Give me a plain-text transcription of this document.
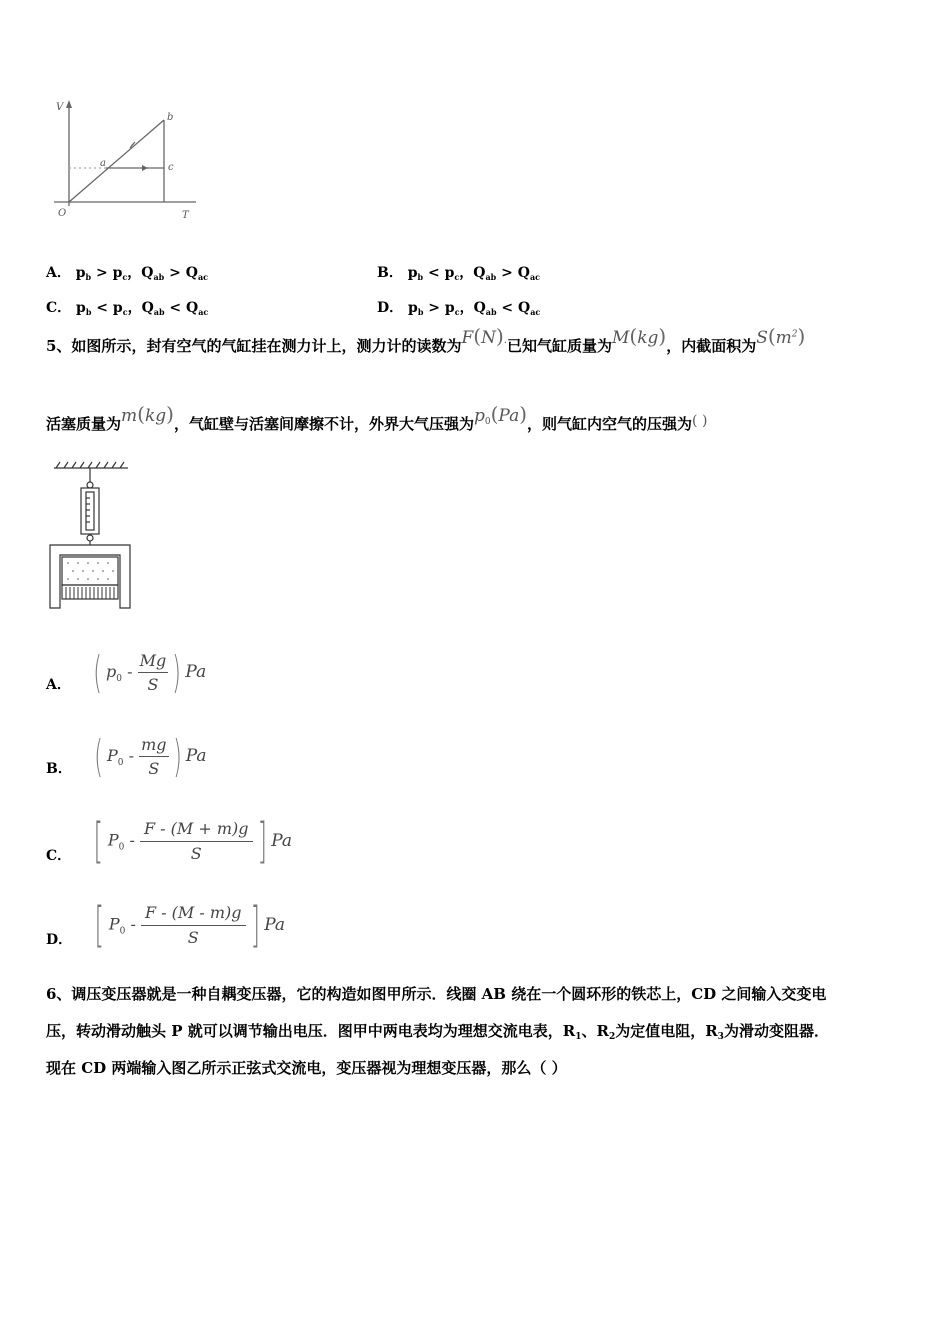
V
T
O
a
b
c
A． $p_b > p_c$，$Q_{ab} > Q_{ac}$	B． $p_b < p_c$，$Q_{ab} > Q_{ac}$
C． $p_b < p_c$，$Q_{ab} < Q_{ac}$	D． $p_b > p_c$，$Q_{ab} < Q_{ac}$
5、如图所示，封有空气的气缸挂在测力计上，测力计的读数为F(N).已知气缸质量为M(kg)，内截面积为$S(m^2)$
活塞质量为m(kg)，气缸壁与活塞间摩擦不计，外界大气压强为p0(Pa)，则气缸内空气的压强为( )
A． ( $p_0 - \frac{Mg}{S}$ ) Pa
B． ( $P_0 - \frac{mg}{S}$ ) Pa
C． [ $P_0 - \frac{F - (M + m)g}{S}$ ] Pa
D． [ $P_0 - \frac{F - (M - m)g}{S}$ ] Pa
6、调压变压器就是一种自耦变压器，它的构造如图甲所示．线圈 AB 绕在一个圆环形的铁芯上，CD 之间输入交变电
压，转动滑动触头 P 就可以调节输出电压．图甲中两电表均为理想交流电表，$R_1$、$R_2$为定值电阻，$R_3$为滑动变阻器．
现在 CD 两端输入图乙所示正弦式交流电，变压器视为理想变压器，那么（ ）
